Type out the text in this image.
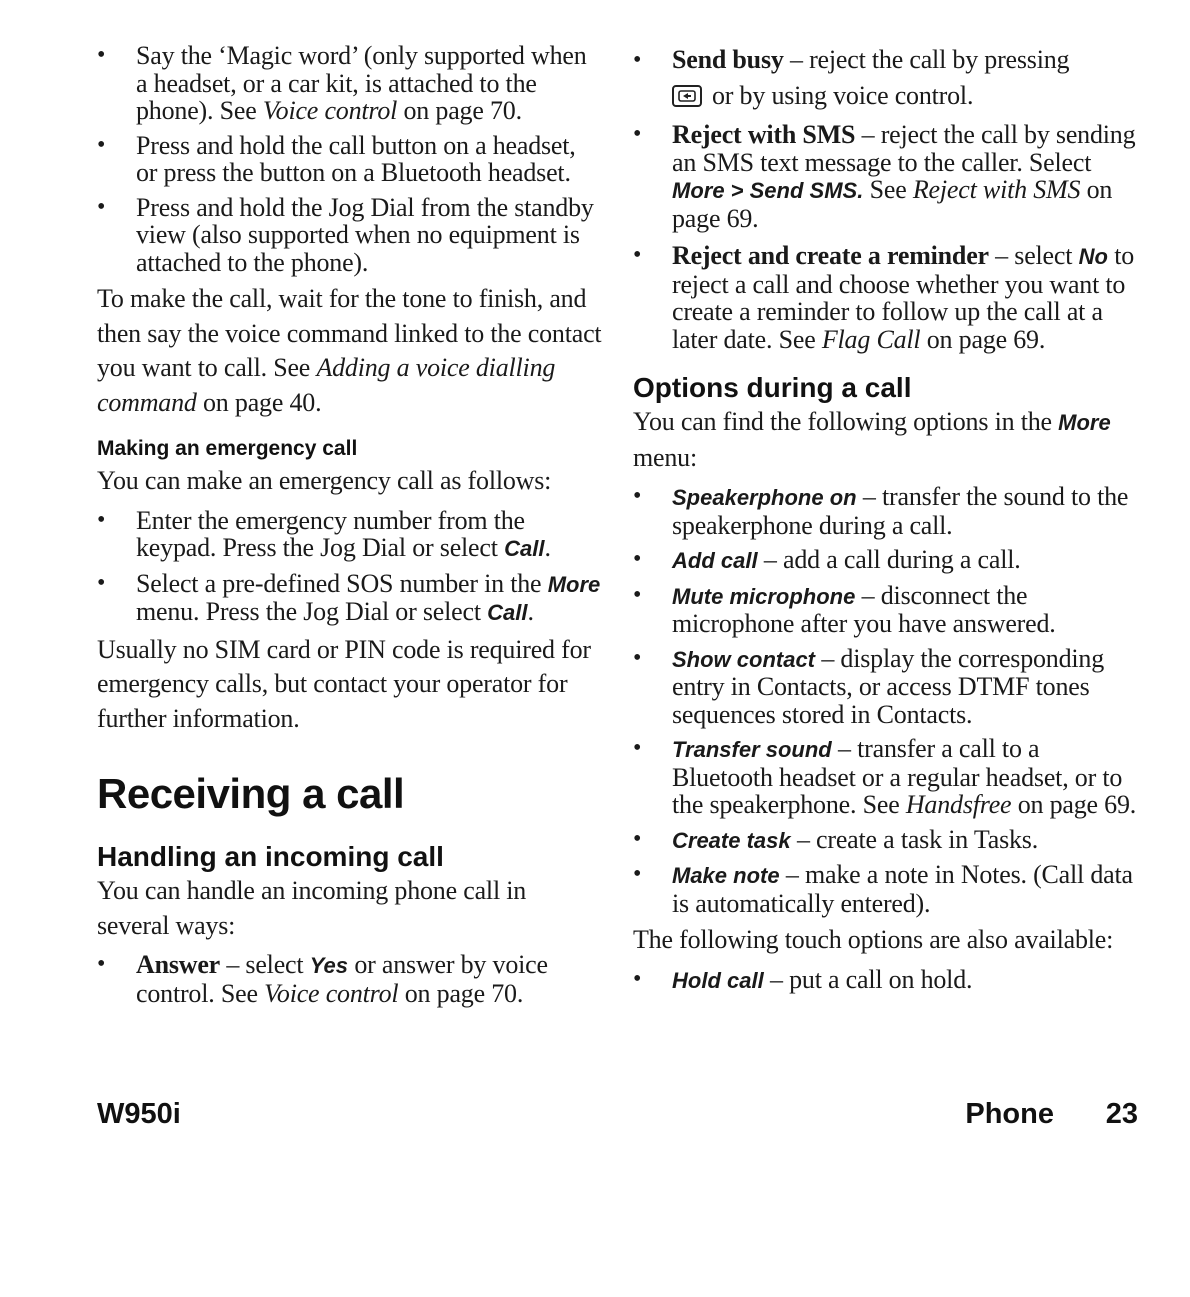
• Say the ‘Magic word’ (only supported when a headset, or a car kit, is attached to the phone). See Voice control on page 70.
• Press and hold the call button on a headset, or press the button on a Bluetooth headset.
• Press and hold the Jog Dial from the standby view (also supported when no equipment is attached to the phone).

To make the call, wait for the tone to finish, and then say the voice command linked to the contact you want to call. See Adding a voice dialling command on page 40.

Making an emergency call

You can make an emergency call as follows:

• Enter the emergency number from the keypad. Press the Jog Dial or select Call.
• Select a pre-defined SOS number in the More menu. Press the Jog Dial or select Call.

Usually no SIM card or PIN code is required for emergency calls, but contact your operator for further information.

Receiving a call
Handling an incoming call

You can handle an incoming phone call in several ways:

• Answer – select Yes or answer by voice control. See Voice control on page 70.
• Send busy – reject the call by pressing

or by using voice control.
• Reject with SMS – reject the call by sending an SMS text message to the caller. Select More > Send SMS. See Reject with SMS on page 69.
• Reject and create a reminder – select No to reject a call and choose whether you want to create a reminder to follow up the call at a later date. See Flag Call on page 69.
Options during a call

You can find the following options in the More menu:

• Speakerphone on – transfer the sound to the speakerphone during a call.
• Add call – add a call during a call.
• Mute microphone – disconnect the microphone after you have answered.
• Show contact – display the corresponding entry in Contacts, or access DTMF tones sequences stored in Contacts.
• Transfer sound – transfer a call to a Bluetooth headset or a regular headset, or to the speakerphone. See Handsfree on page 69.
• Create task – create a task in Tasks.
• Make note – make a note in Notes. (Call data is automatically entered).

The following touch options are also available:

• Hold call – put a call on hold.
W950i	Phone 23
